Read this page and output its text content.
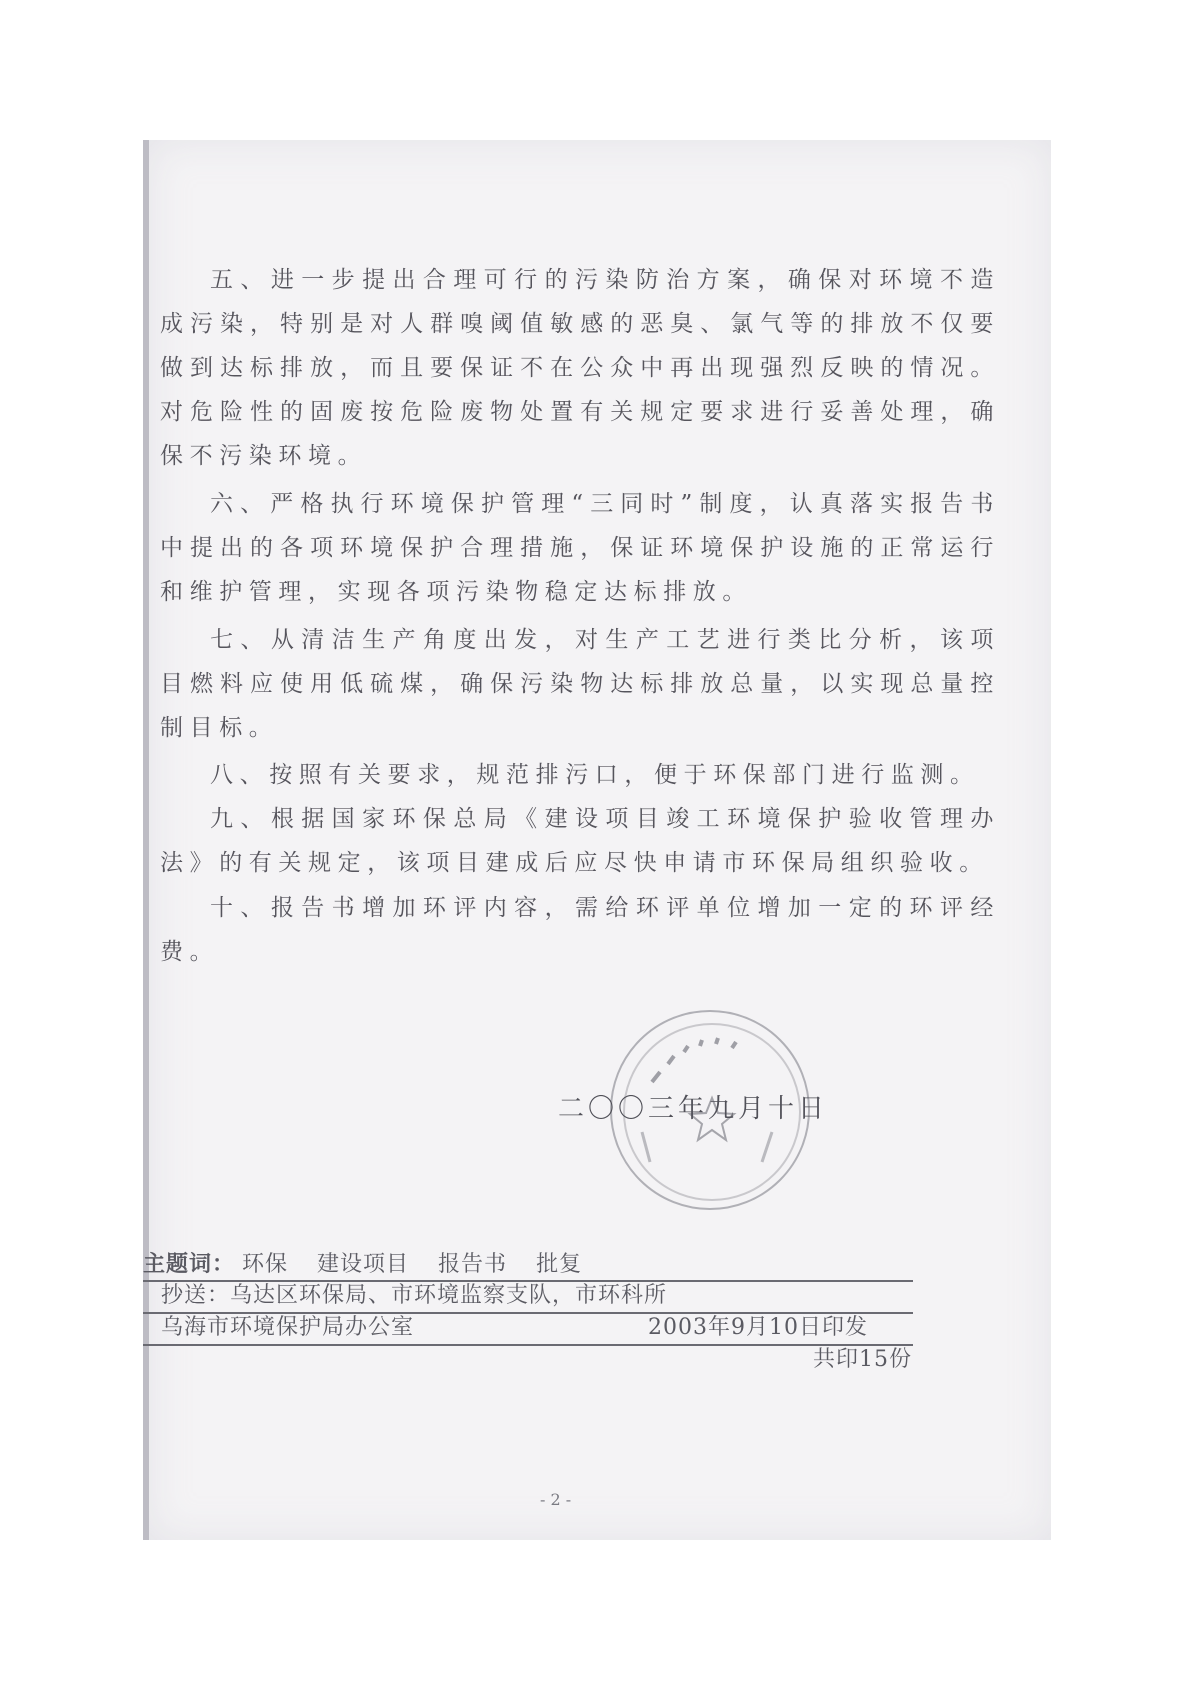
五、进一步提出合理可行的污染防治方案，确保对环境不造成污染，特别是对人群嗅阈值敏感的恶臭、氯气等的排放不仅要做到达标排放，而且要保证不在公众中再出现强烈反映的情况。对危险性的固废按危险废物处置有关规定要求进行妥善处理，确保不污染环境。

六、严格执行环境保护管理“三同时”制度，认真落实报告书中提出的各项环境保护合理措施，保证环境保护设施的正常运行和维护管理，实现各项污染物稳定达标排放。

七、从清洁生产角度出发，对生产工艺进行类比分析，该项目燃料应使用低硫煤，确保污染物达标排放总量，以实现总量控制目标。

八、按照有关要求，规范排污口，便于环保部门进行监测。

九、根据国家环保总局《建设项目竣工环境保护验收管理办法》的有关规定，该项目建成后应尽快申请市环保局组织验收。

十、报告书增加环评内容，需给环评单位增加一定的环评经费。

二〇〇三年九月十日
主题词： 环保 建设项目 报告书 批复
抄送：乌达区环保局、市环境监察支队，市环科所
乌海市环境保护局办公室	2003年9月10日印发
共印15份
- 2 -
